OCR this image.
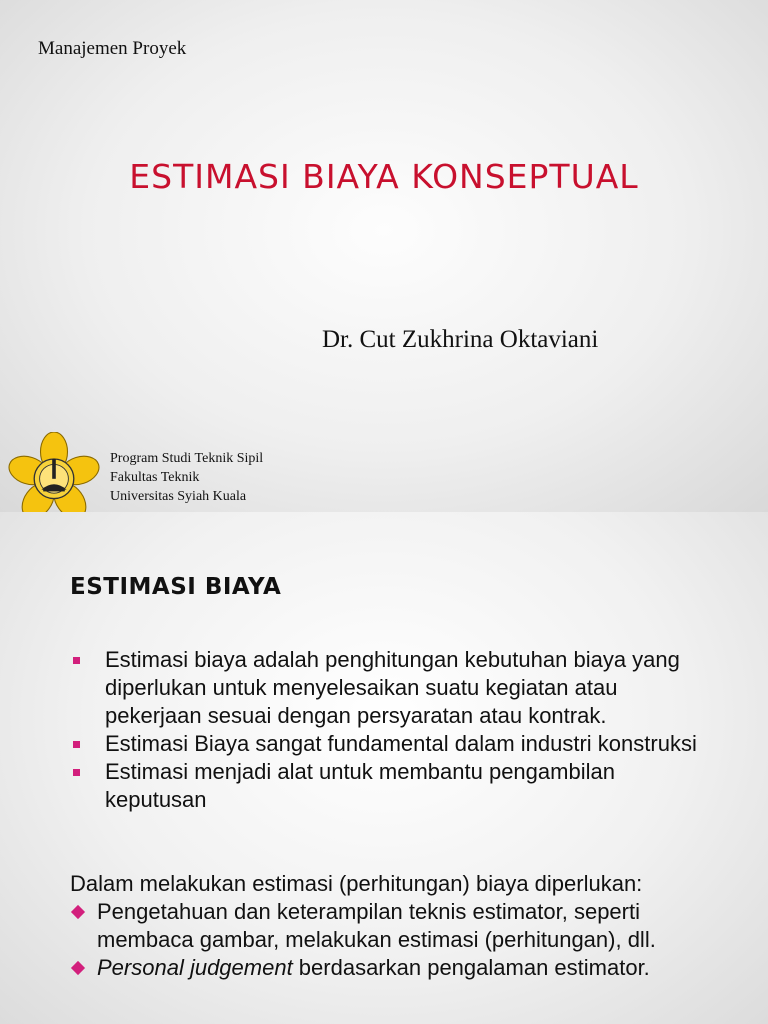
Manajemen Proyek
ESTIMASI BIAYA KONSEPTUAL
Dr. Cut Zukhrina Oktaviani
Program Studi Teknik Sipil
Fakultas Teknik
Universitas Syiah Kuala
ESTIMASI BIAYA
Estimasi biaya adalah penghitungan kebutuhan biaya yang diperlukan untuk menyelesaikan suatu kegiatan atau pekerjaan sesuai dengan persyaratan atau kontrak.
Estimasi Biaya sangat fundamental dalam industri konstruksi
Estimasi menjadi alat untuk membantu pengambilan keputusan
Dalam melakukan estimasi (perhitungan) biaya diperlukan:
Pengetahuan dan keterampilan teknis estimator, seperti membaca gambar, melakukan estimasi (perhitungan), dll.
Personal judgement berdasarkan pengalaman estimator.
